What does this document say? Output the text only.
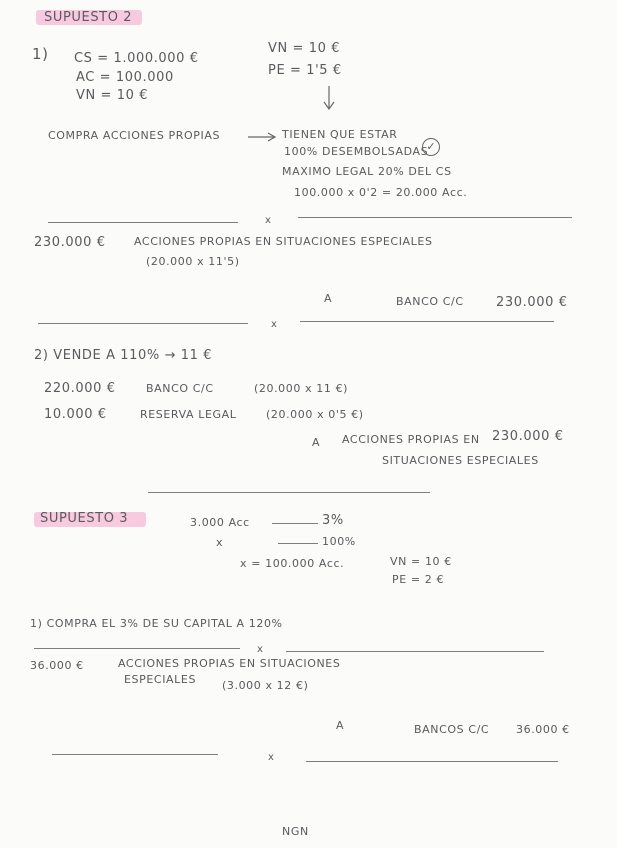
SUPUESTO 2
1) CS = 1.000.000 €
AC = 100.000
VN = 10 €
VN = 10 €
PE = 1'5 €
COMPRA ACCIONES PROPIAS	TIENEN QUE ESTAR
100% DESEMBOLSADAS
✓
MAXIMO LEGAL 20% DEL CS
100.000 x 0'2 = 20.000 Acc.
x
230.000 €	ACCIONES PROPIAS EN SITUACIONES ESPECIALES
(20.000 x 11'5)
A	BANCO C/C 230.000 €
x
2) VENDE A 110% → 11 €
220.000 €	BANCO C/C	(20.000 x 11 €)
10.000 €	RESERVA LEGAL	(20.000 x 0'5 €)
A ACCIONES PROPIAS EN 230.000 €
SITUACIONES ESPECIALES
SUPUESTO 3	3.000 Acc	3%
x	100%
x = 100.000 Acc.	VN = 10 €
PE = 2 €
1) COMPRA EL 3% DE SU CAPITAL A 120%
x
36.000 €	ACCIONES PROPIAS EN SITUACIONES
ESPECIALES (3.000 x 12 €)
A	BANCOS C/C 36.000 €
x
NGN
